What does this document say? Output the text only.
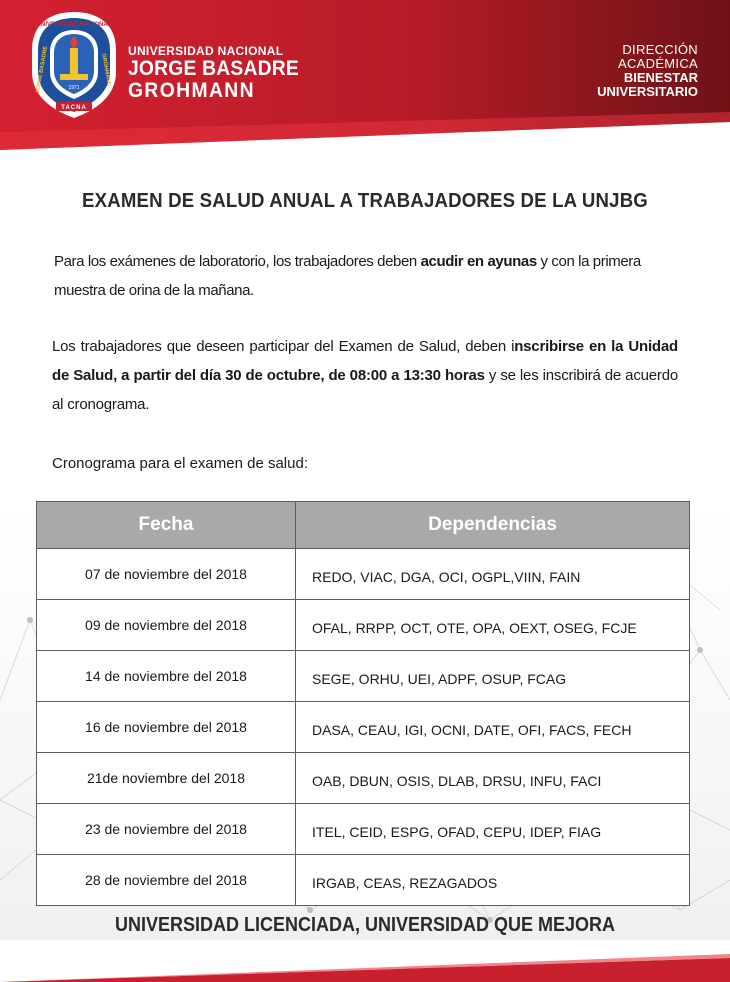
UNIVERSIDAD NACIONAL
JORGE BASADRE	GROHMANN
1971
TACNA
UNIVERSIDAD NACIONAL
JORGE BASADRE
GROHMANN
DIRECCIÓN
ACADÉMICA
BIENESTAR
UNIVERSITARIO
EXAMEN DE SALUD ANUAL A TRABAJADORES DE LA UNJBG
Para los exámenes de laboratorio, los trabajadores deben acudir en ayunas y con la primera muestra de orina de la mañana.
Los trabajadores que deseen participar del Examen de Salud, deben inscribirse en la Unidad de Salud, a partir del día 30 de octubre, de 08:00 a 13:30 horas y se les inscribirá de acuerdo al cronograma.
Cronograma para el examen de salud:
Fecha	Dependencias
07 de noviembre del 2018	REDO, VIAC, DGA, OCI, OGPL,VIIN, FAIN
09 de noviembre del 2018	OFAL, RRPP, OCT, OTE, OPA, OEXT, OSEG, FCJE
14 de noviembre del 2018	SEGE, ORHU, UEI, ADPF, OSUP, FCAG
16 de noviembre del 2018	DASA, CEAU, IGI, OCNI, DATE, OFI, FACS, FECH
21de noviembre del 2018	OAB, DBUN, OSIS, DLAB, DRSU, INFU, FACI
23 de noviembre del 2018	ITEL, CEID, ESPG, OFAD, CEPU, IDEP, FIAG
28 de noviembre del 2018	IRGAB, CEAS, REZAGADOS
UNIVERSIDAD LICENCIADA, UNIVERSIDAD QUE MEJORA
